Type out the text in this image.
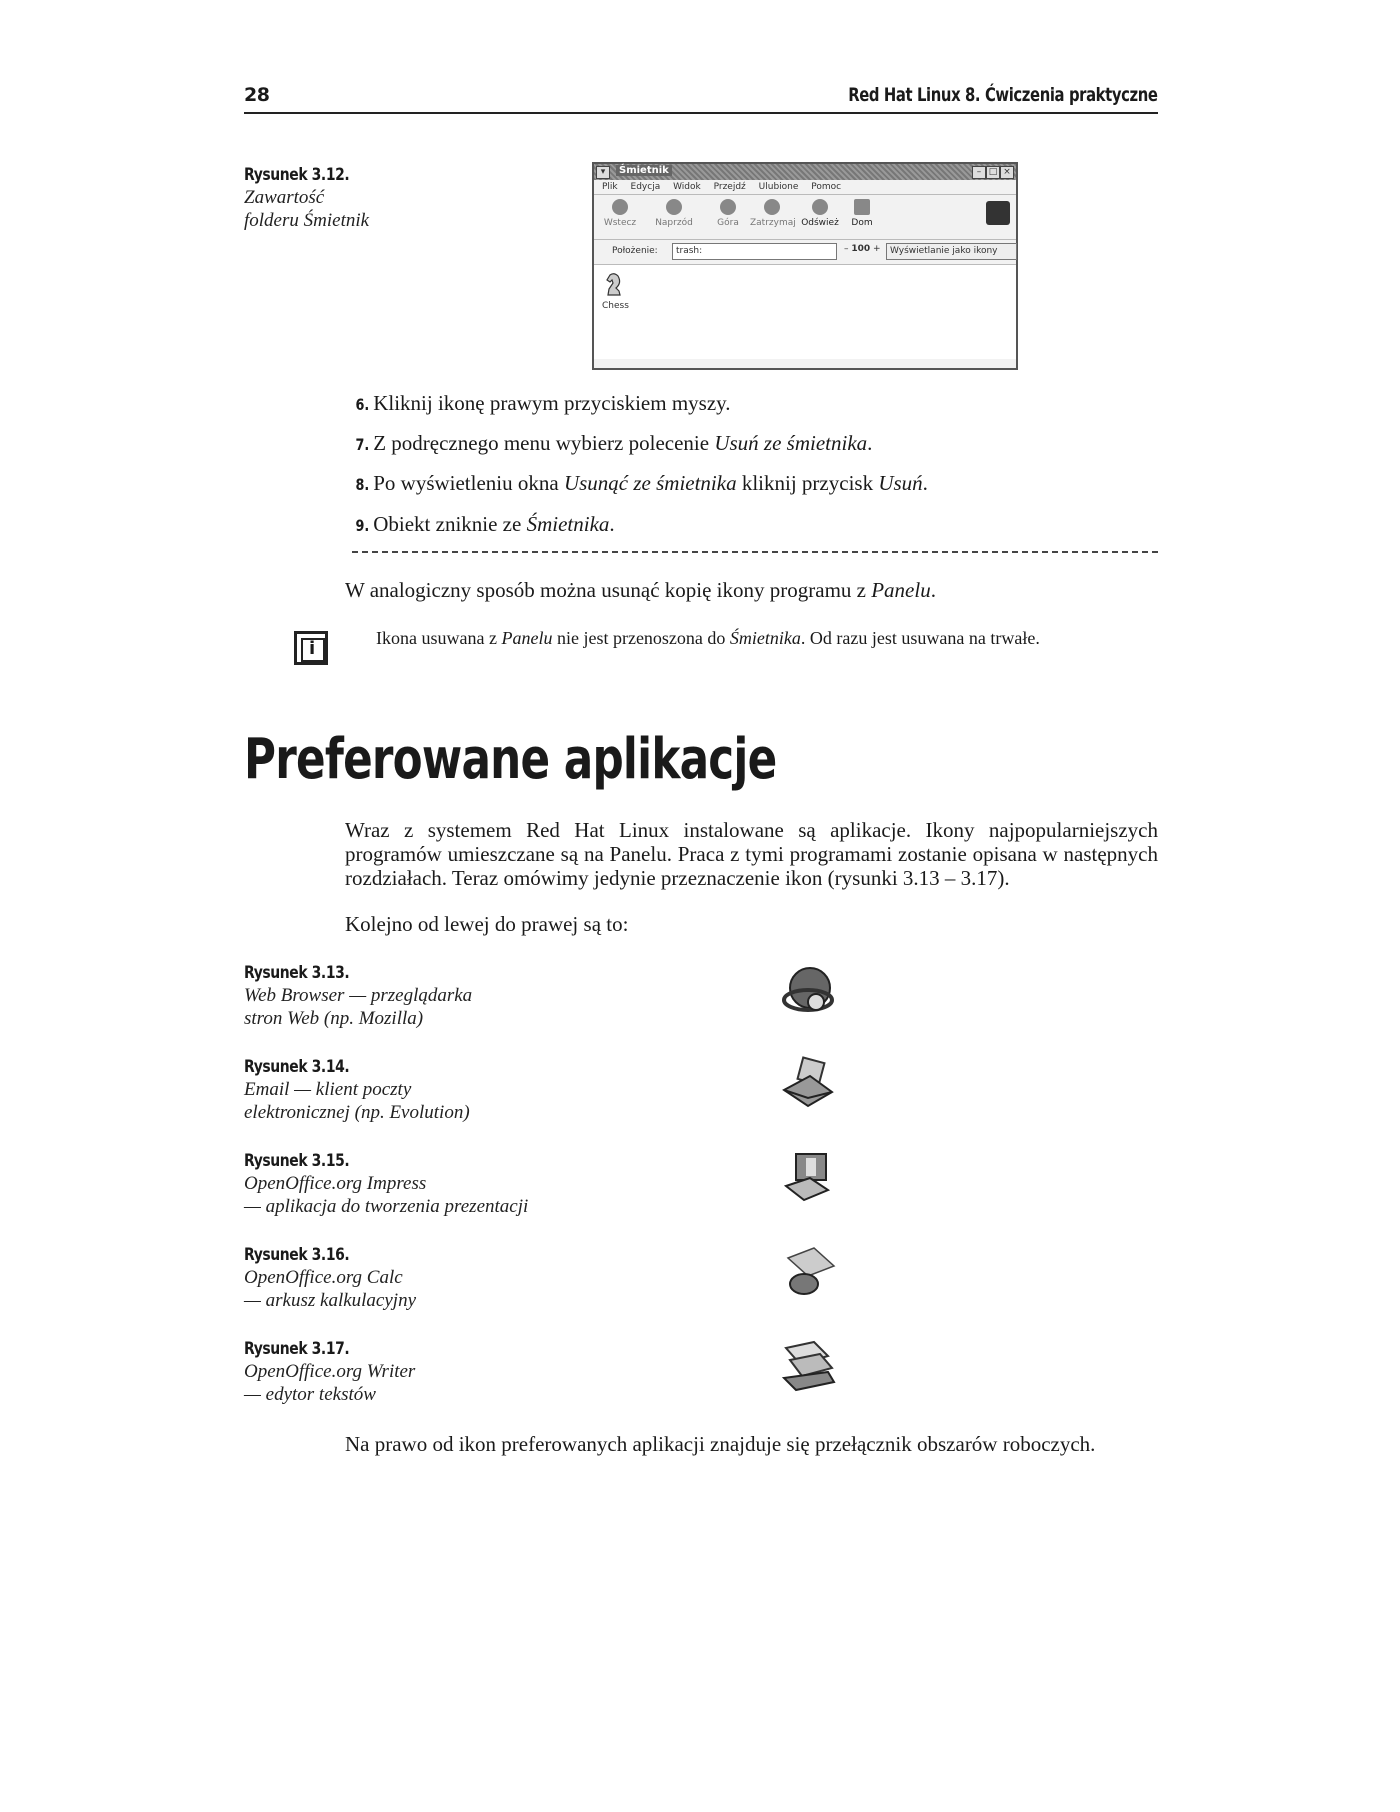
28	Red Hat Linux 8. Ćwiczenia praktyczne
Rysunek 3.12.
Zawartość
folderu Śmietnik
▾	Śmietnik	– □ ×
Plik Edycja Widok Przejdź Ulubione Pomoc
Wstecz	Naprzód	Góra	Zatrzymaj Odśwież	Dom
Położenie:	trash:	– 100 +	Wyświetlanie jako ikony
Chess
6. Kliknij ikonę prawym przyciskiem myszy.
7. Z podręcznego menu wybierz polecenie Usuń ze śmietnika.
8. Po wyświetleniu okna Usunąć ze śmietnika kliknij przycisk Usuń.
9. Obiekt zniknie ze Śmietnika.
W analogiczny sposób można usunąć kopię ikony programu z Panelu.
i	Ikona usuwana z Panelu nie jest przenoszona do Śmietnika. Od razu jest usuwana na trwałe.
Preferowane aplikacje
Wraz z systemem Red Hat Linux instalowane są aplikacje. Ikony najpopularniejszych programów umieszczane są na Panelu. Praca z tymi programami zostanie opisana w następnych rozdziałach. Teraz omówimy jedynie przeznaczenie ikon (rysunki 3.13 – 3.17).
Kolejno od lewej do prawej są to:
Rysunek 3.13.
Web Browser — przeglądarka
stron Web (np. Mozilla)
Rysunek 3.14.
Email — klient poczty
elektronicznej (np. Evolution)
Rysunek 3.15.
OpenOffice.org Impress
— aplikacja do tworzenia prezentacji
Rysunek 3.16.
OpenOffice.org Calc
— arkusz kalkulacyjny
Rysunek 3.17.
OpenOffice.org Writer
— edytor tekstów
Na prawo od ikon preferowanych aplikacji znajduje się przełącznik obszarów roboczych.
